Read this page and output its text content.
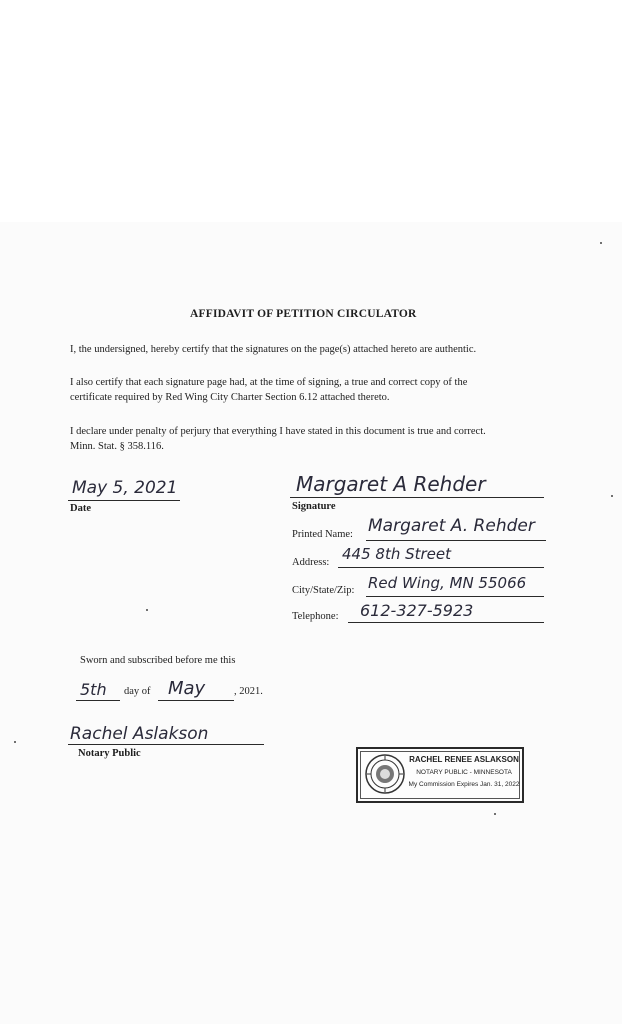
AFFIDAVIT OF PETITION CIRCULATOR
I, the undersigned, hereby certify that the signatures on the page(s) attached hereto are authentic.
I also certify that each signature page had, at the time of signing, a true and correct copy of the
certificate required by Red Wing City Charter Section 6.12 attached thereto.
I declare under penalty of perjury that everything I have stated in this document is true and correct.
Minn. Stat. § 358.116.
May 5, 2021
Date
Margaret A Rehder
Signature
Printed Name: Margaret A. Rehder
Address: 445 8th Street
City/State/Zip: Red Wing, MN 55066
Telephone: 612-327-5923
Sworn and subscribed before me this
5th day of May	, 2021.
Rachel Aslakson
Notary Public
RACHEL RENEE ASLAKSON
NOTARY PUBLIC - MINNESOTA
My Commission Expires Jan. 31, 2022
